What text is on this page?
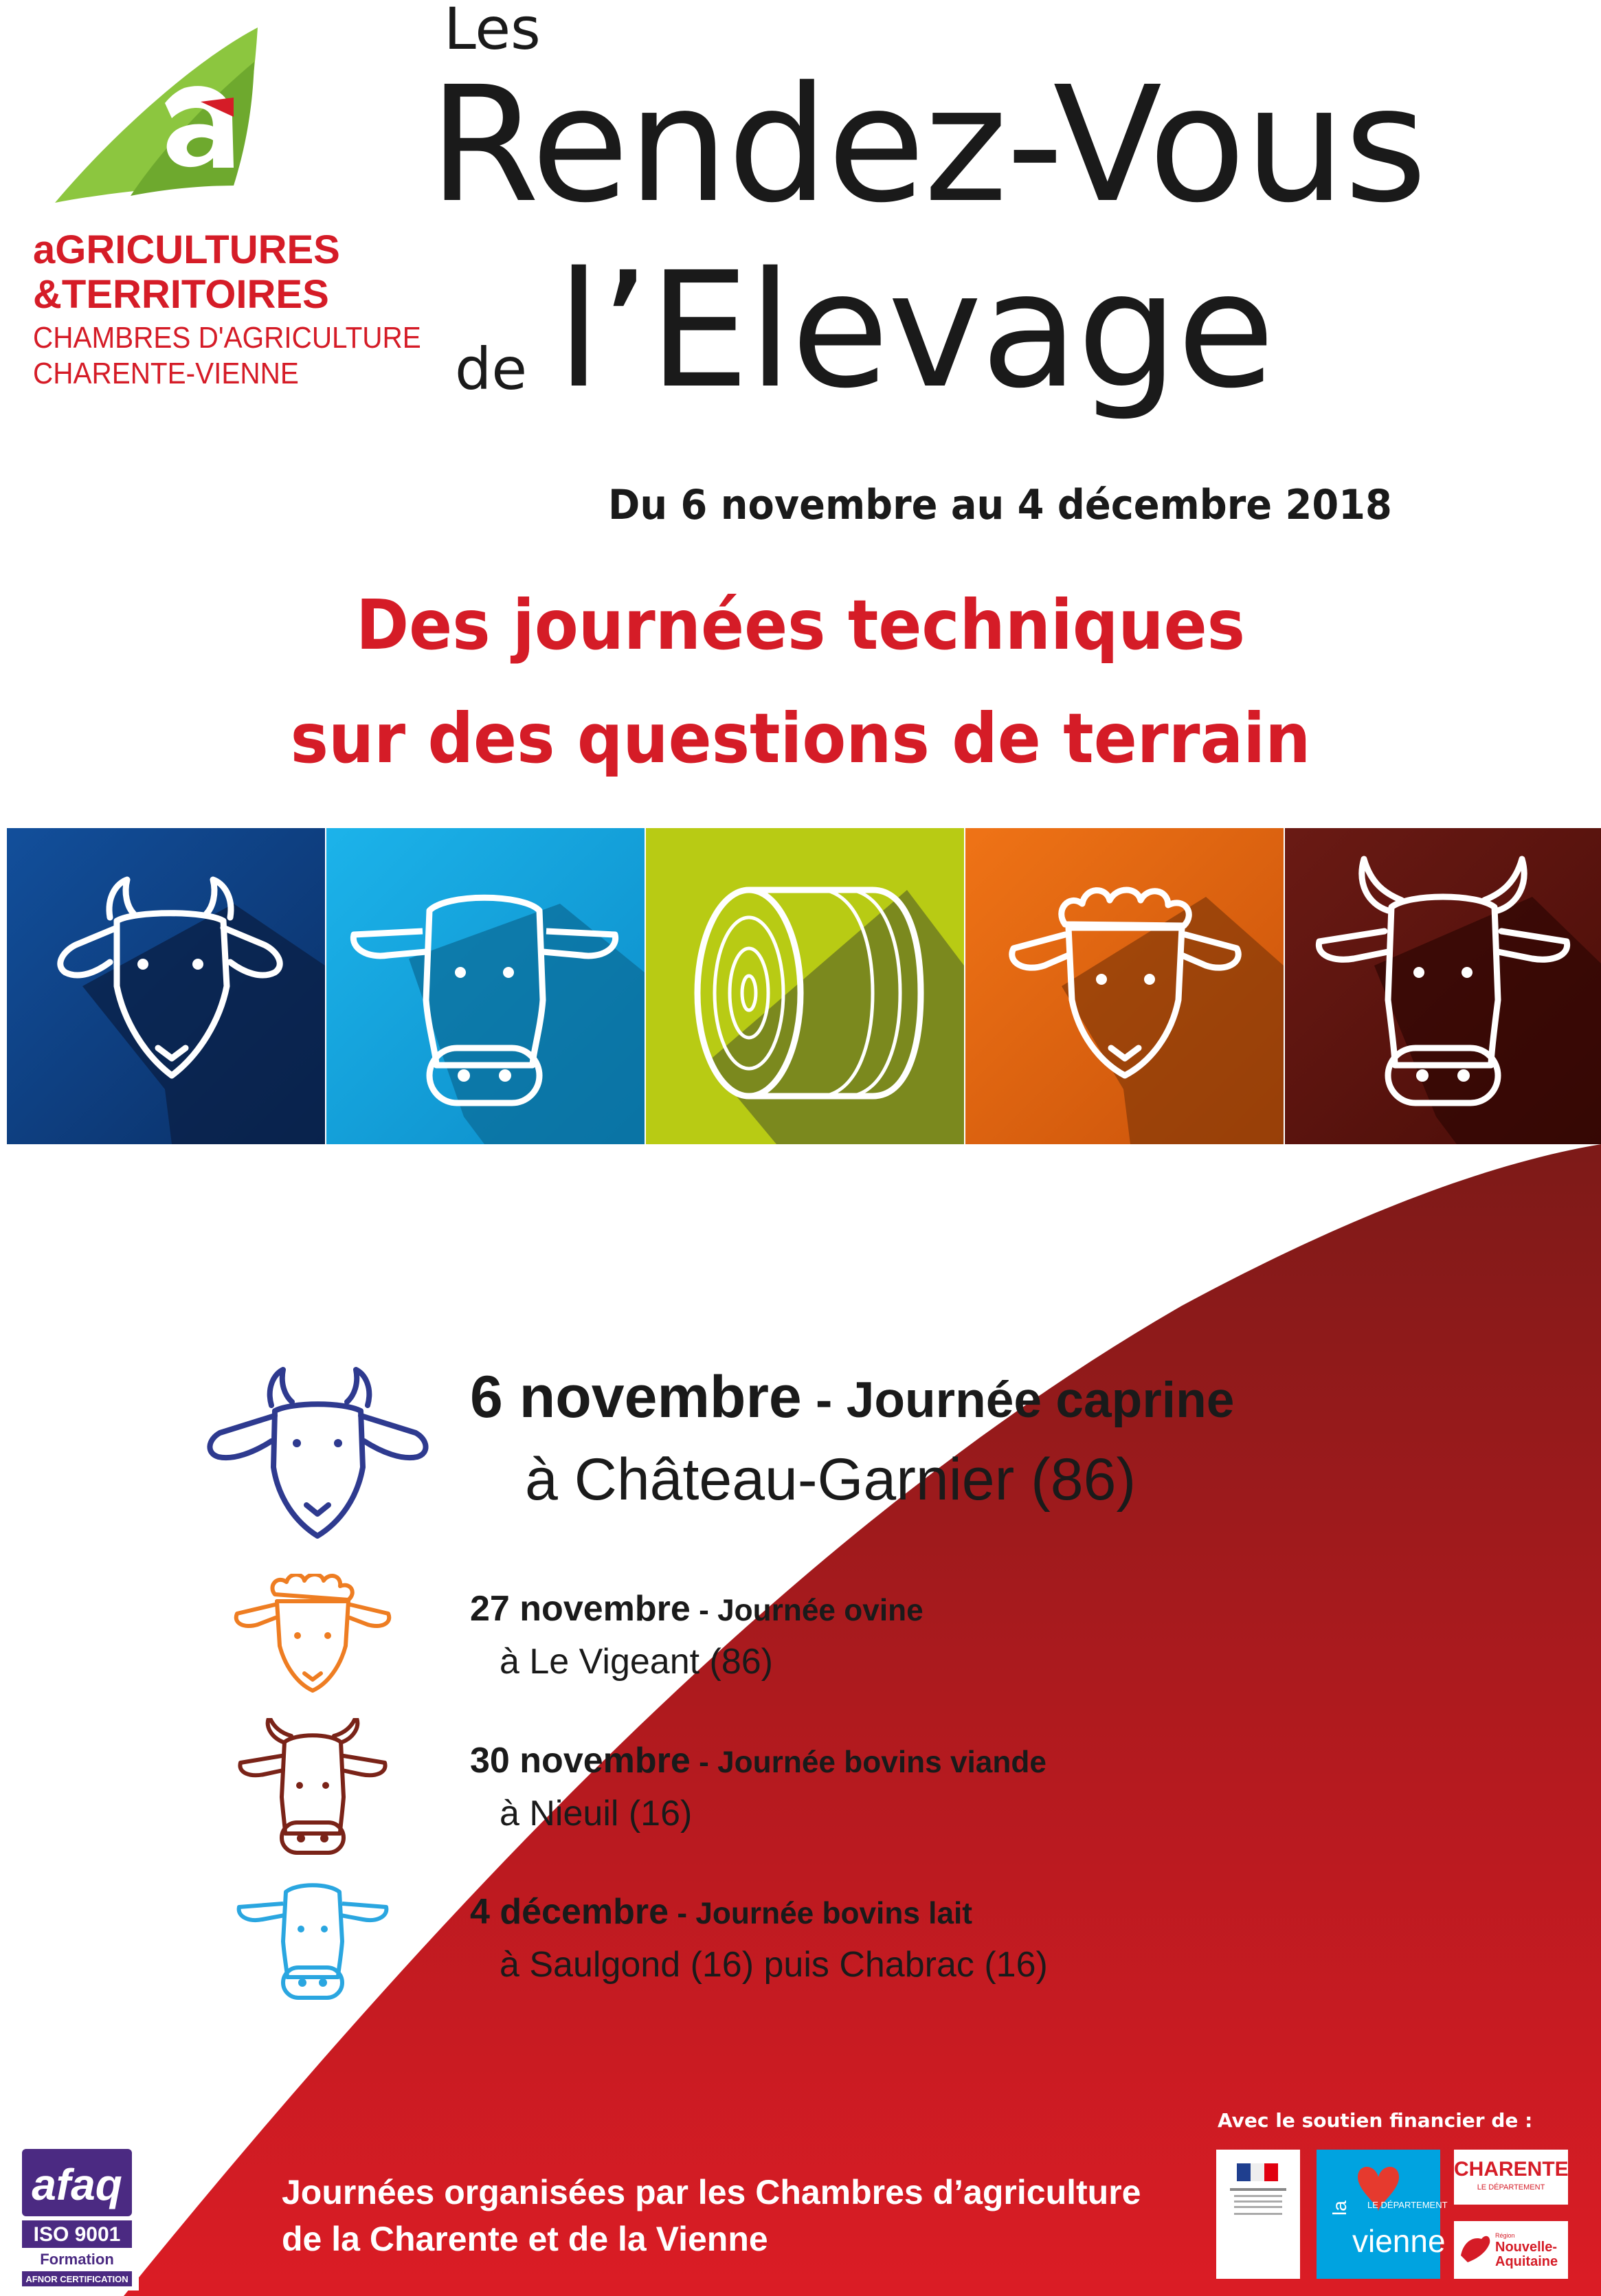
aGRICULTURES
&TERRITOIRES
CHAMBRES D'AGRICULTURE
CHARENTE-VIENNE
Les
Rendez-Vous
de l’Elevage
Du 6 novembre au 4 décembre 2018
Des journées techniques
sur des questions de terrain
6 novembre - Journée caprine
à Château-Garnier (86)
27 novembre - Journée ovine
à Le Vigeant (86)
30 novembre - Journée bovins viande
à Nieuil (16)
4 décembre - Journée bovins lait
à Saulgond (16) puis Chabrac (16)
Avec le soutien financier de :
Journées organisées par les Chambres d’agriculture
de la Charente et de la Vienne
la LE DÉPARTEMENT
vienne
CHARENTE
LE DÉPARTEMENT
Région
Nouvelle-Aquitaine
afaq
ISO 9001
Formation
AFNOR CERTIFICATION
